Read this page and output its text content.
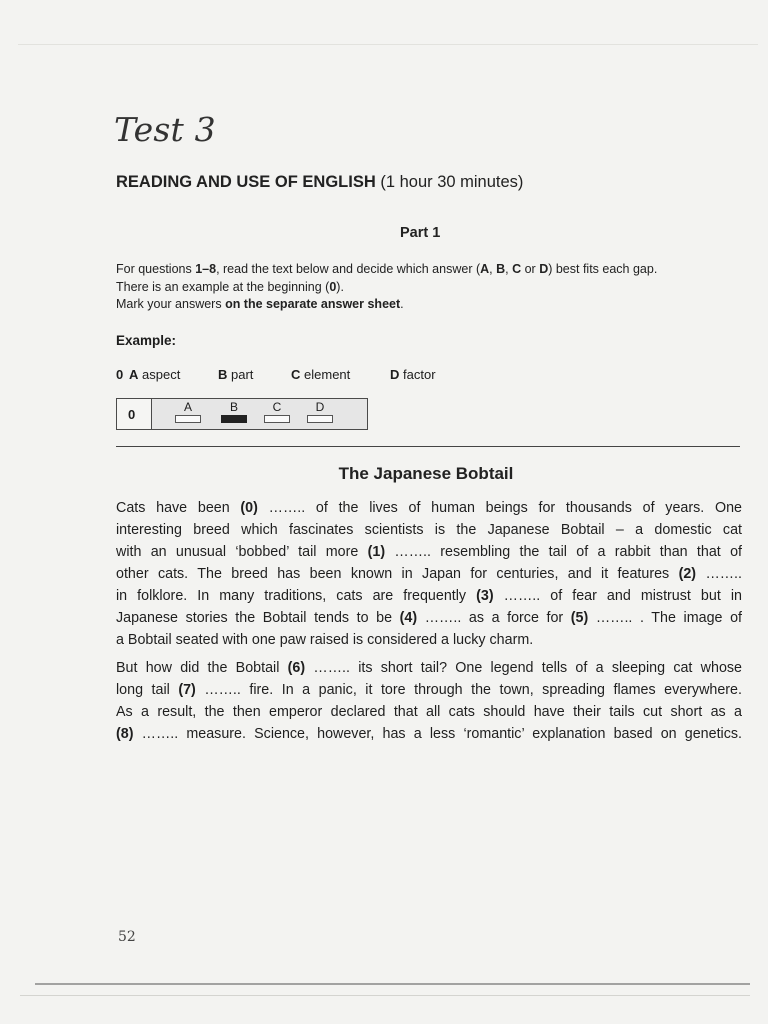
Test 3
READING AND USE OF ENGLISH (1 hour 30 minutes)
Part 1
For questions 1–8, read the text below and decide which answer (A, B, C or D) best fits each gap.
There is an example at the beginning (0).
Mark your answers on the separate answer sheet.
Example:
0 A aspect	B part	C element	D factor
0	A	B	C	D
The Japanese Bobtail
Cats have been (0) …….. of the lives of human beings for thousands of years. One
interesting breed which fascinates scientists is the Japanese Bobtail – a domestic cat
with an unusual ‘bobbed’ tail more (1) …….. resembling the tail of a rabbit than that of
other cats. The breed has been known in Japan for centuries, and it features (2) ……..
in folklore. In many traditions, cats are frequently (3) …….. of fear and mistrust but in
Japanese stories the Bobtail tends to be (4) …….. as a force for (5) …….. . The image of
a Bobtail seated with one paw raised is considered a lucky charm.
But how did the Bobtail (6) …….. its short tail? One legend tells of a sleeping cat whose
long tail (7) …….. fire. In a panic, it tore through the town, spreading flames everywhere.
As a result, the then emperor declared that all cats should have their tails cut short as a
(8) …….. measure. Science, however, has a less ‘romantic’ explanation based on genetics.
52
